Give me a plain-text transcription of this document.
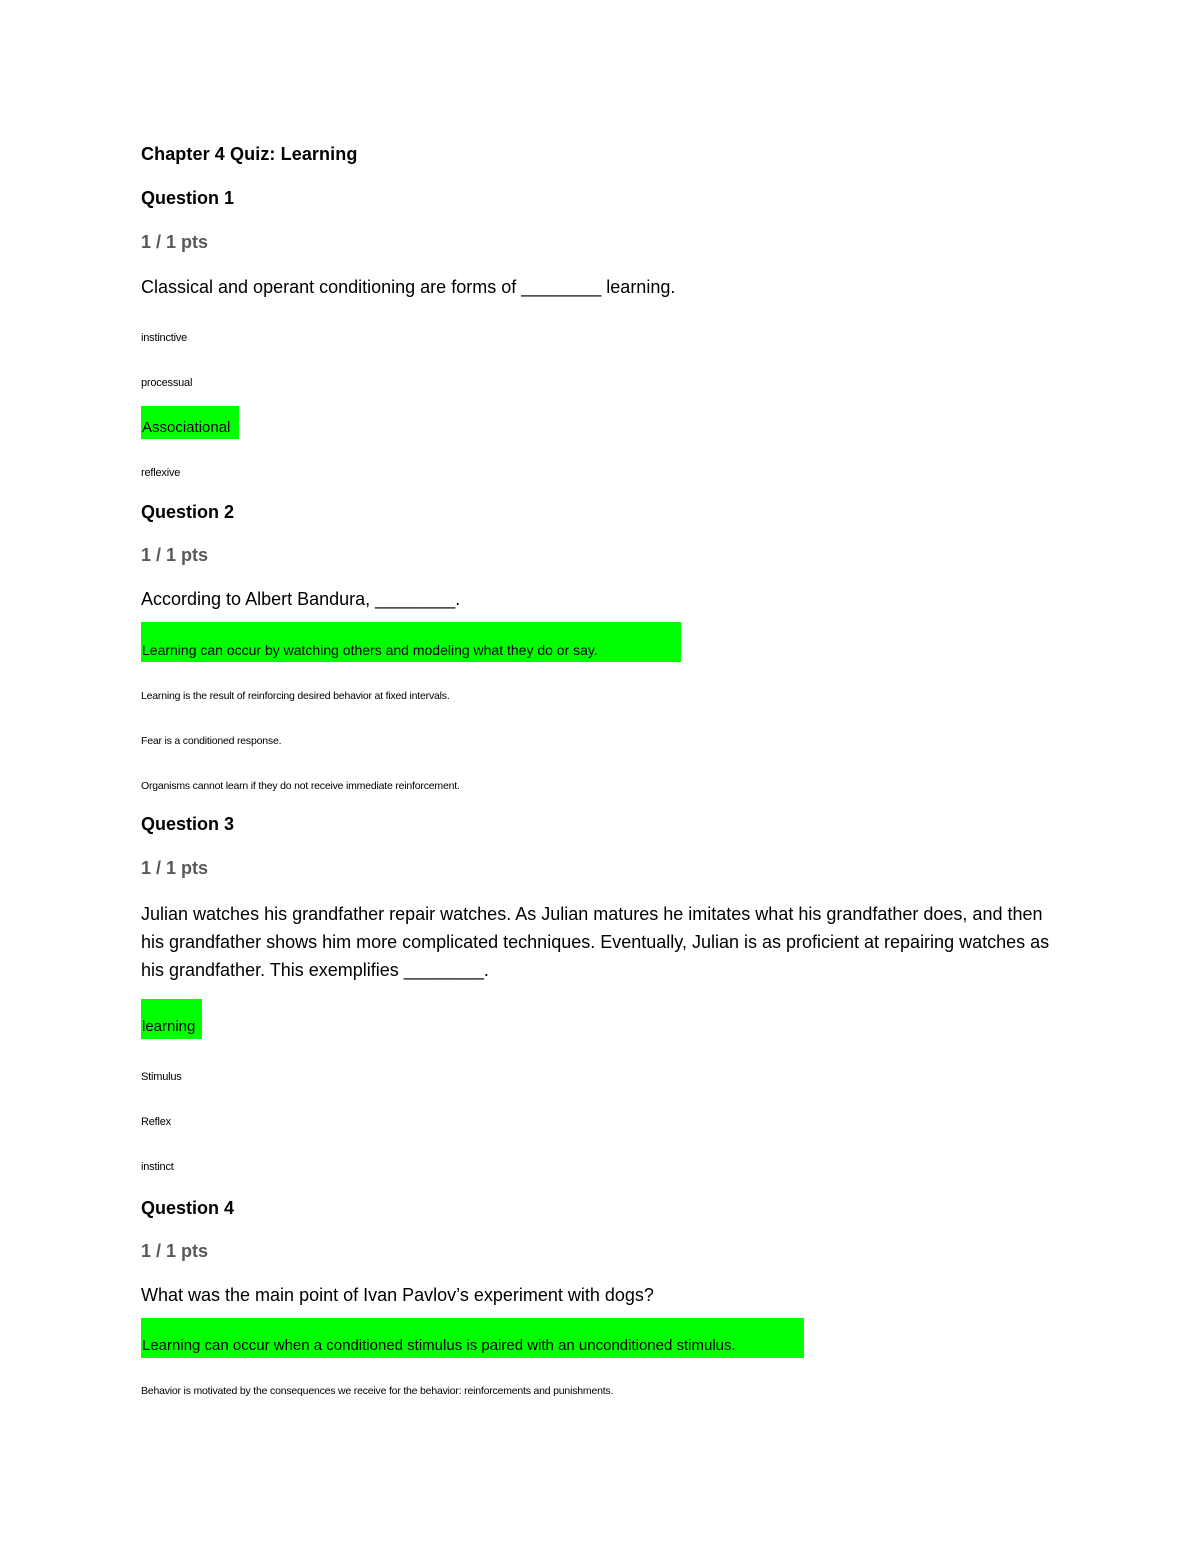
Chapter 4 Quiz: Learning

Question 1

1 / 1 pts

Classical and operant conditioning are forms of ________ learning.

instinctive

processual

Associational

reflexive

Question 2

1 / 1 pts

According to Albert Bandura, ________.

Learning can occur by watching others and modeling what they do or say.

Learning is the result of reinforcing desired behavior at fixed intervals.

Fear is a conditioned response.

Organisms cannot learn if they do not receive immediate reinforcement.

Question 3

1 / 1 pts

Julian watches his grandfather repair watches. As Julian matures he imitates what his grandfather does, and then his grandfather shows him more complicated techniques. Eventually, Julian is as proficient at repairing watches as his grandfather. This exemplifies ________.

learning

Stimulus

Reflex

instinct

Question 4

1 / 1 pts

What was the main point of Ivan Pavlov’s experiment with dogs?

Learning can occur when a conditioned stimulus is paired with an unconditioned stimulus.

Behavior is motivated by the consequences we receive for the behavior: reinforcements and punishments.
